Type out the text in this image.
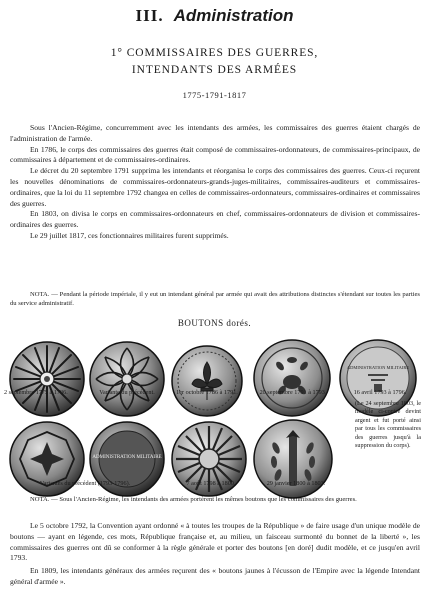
III. Administration
1° COMMISSAIRES DES GUERRES,
INTENDANTS DES ARMÉES
1775-1791-1817

Sous l'Ancien-Régime, concurremment avec les intendants des armées, les commissaires des guerres étaient chargés de l'administration de l'armée.

En 1786, le corps des commissaires des guerres était composé de commissaires-ordonnateurs, de commissaires-principaux, de commissaires à département et de commissaires-ordinaires.

Le décret du 20 septembre 1791 supprima les intendants et réorganisa le corps des commissaires des guerres. Ceux-ci reçurent les nouvelles dénominations de commissaires-ordonnateurs-grands-juges-militaires, commissaires-auditeurs et commissaires-ordinaires, que la loi du 11 septembre 1792 changea en celles de commissaires-ordonnateurs, commissaires-ordinaires et commissaires des guerres.

En 1803, on divisa le corps en commissaires-ordonnateurs en chef, commissaires-ordonnateurs de division et commissaires-ordinaires des guerres.

Le 29 juillet 1817, ces fonctionnaires militaires furent supprimés.

NOTA. — Pendant la période impériale, il y eut un intendant général par armée qui avait des attributions distinctes s'étendant sur toutes les parties du service administratif.
BOUTONS dorés.
ADMINISTRATION MILITAIRE
ADMINISTRATION MILITAIRE
2 septembre 1775 à 1786.	Variante du précédent.	1er octobre 1786 à 1791.	20 septembre 1791 à 1793.	16 avril 1793 à 1796.
(Le 24 septembre 1803, le modèle ci-contre devint argent et fut porté ainsi par tous les commissaires des guerres jusqu'à la suppression du corps).
Variantes du précédent (1793-1796).	7 août 1798 à 1800.	29 janvier 1800 à 1803.
NOTA. — Sous l'Ancien-Régime, les intendants des armées portèrent les mêmes boutons que les commissaires des guerres.

Le 5 octobre 1792, la Convention ayant ordonné « à toutes les troupes de la République » de faire usage d'un unique modèle de boutons — ayant en légende, ces mots, République française et, au milieu, un faisceau surmonté du bonnet de la liberté », les commissaires des guerres ont dû se conformer à la règle générale et porter des boutons [en doré] dudit modèle, et ce jusqu'en avril 1793.

En 1809, les intendants généraux des armées reçurent des « boutons jaunes à l'écusson de l'Empire avec la légende Intendant général d'armée ».
